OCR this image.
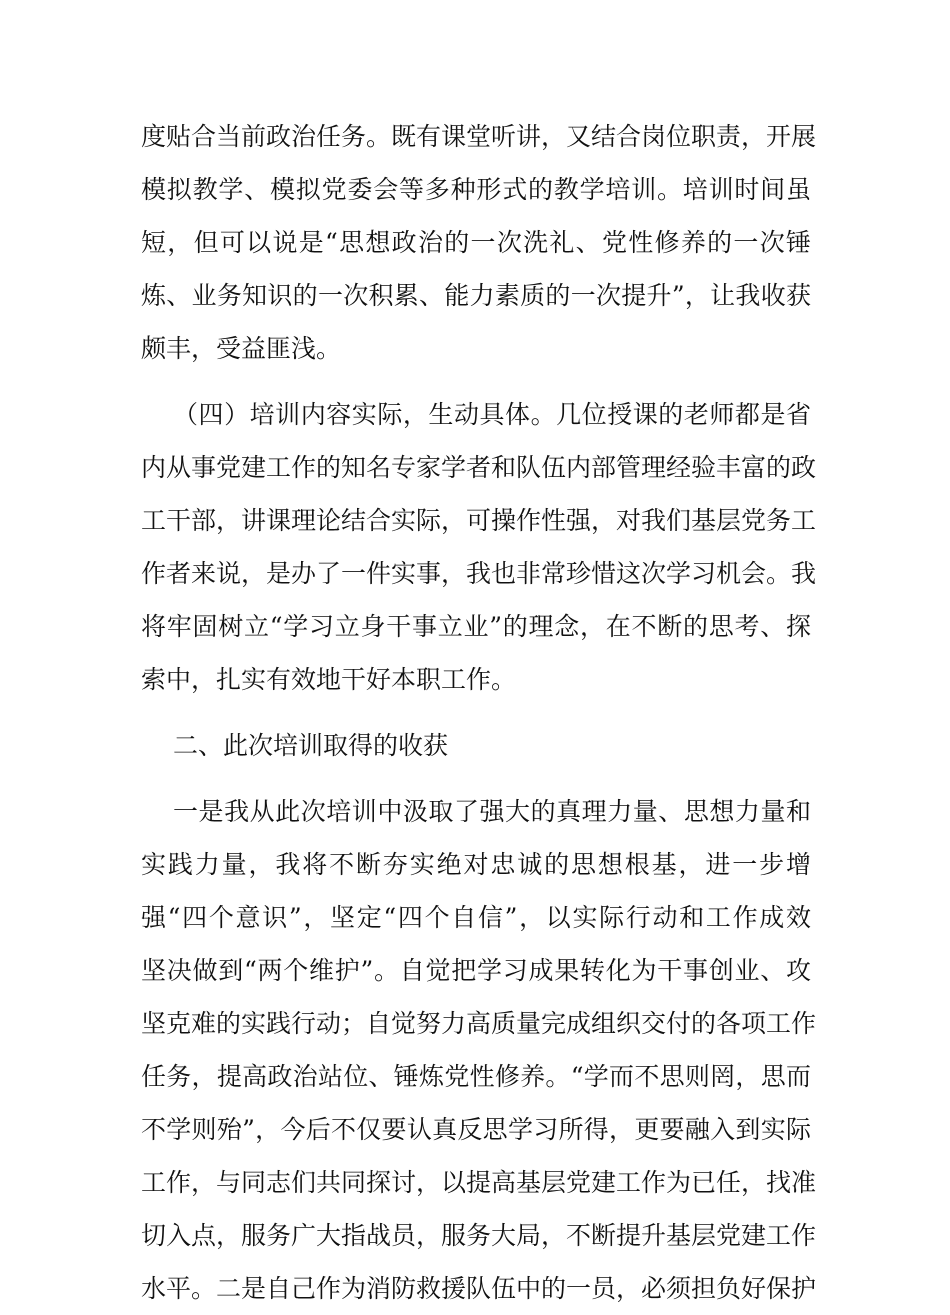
度贴合当前政治任务。既有课堂听讲，又结合岗位职责，开展
模拟教学、模拟党委会等多种形式的教学培训。培训时间虽
短，但可以说是“思想政治的一次洗礼、党性修养的一次锤
炼、业务知识的一次积累、能力素质的一次提升”，让我收获
颇丰，受益匪浅。
（四）培训内容实际，生动具体。几位授课的老师都是省
内从事党建工作的知名专家学者和队伍内部管理经验丰富的政
工干部，讲课理论结合实际，可操作性强，对我们基层党务工
作者来说，是办了一件实事，我也非常珍惜这次学习机会。我
将牢固树立“学习立身干事立业”的理念，在不断的思考、探
索中，扎实有效地干好本职工作。
二、此次培训取得的收获
一是我从此次培训中汲取了强大的真理力量、思想力量和
实践力量，我将不断夯实绝对忠诚的思想根基，进一步增
强“四个意识”，坚定“四个自信”，以实际行动和工作成效
坚决做到“两个维护”。自觉把学习成果转化为干事创业、攻
坚克难的实践行动；自觉努力高质量完成组织交付的各项工作
任务，提高政治站位、锤炼党性修养。“学而不思则罔，思而
不学则殆”，今后不仅要认真反思学习所得，更要融入到实际
工作，与同志们共同探讨，以提高基层党建工作为已任，找准
切入点，服务广大指战员，服务大局，不断提升基层党建工作
水平。二是自己作为消防救援队伍中的一员，必须担负好保护
